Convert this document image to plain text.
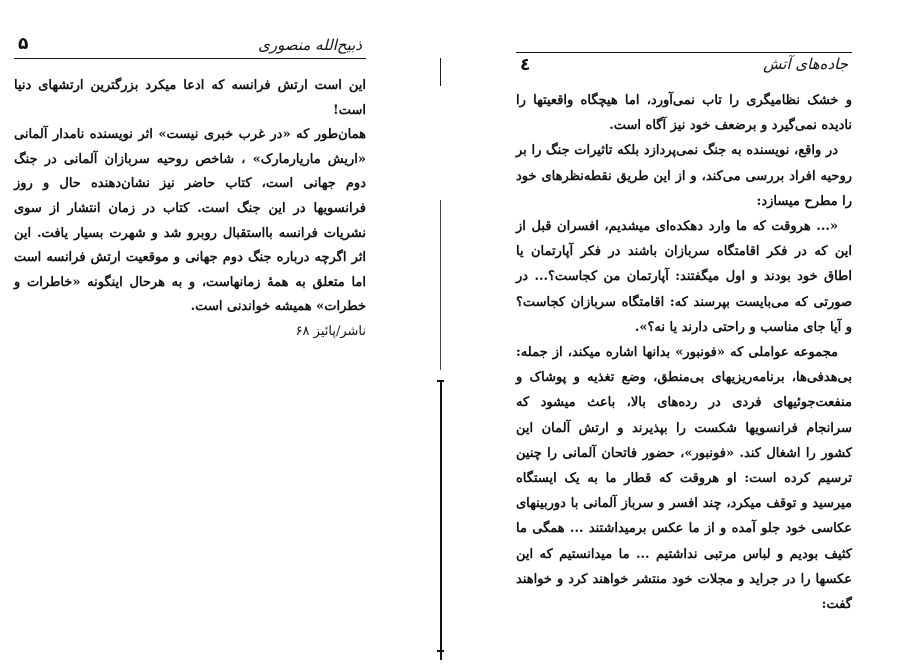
ذبیح‌الله منصوری
۵

این است ارتش فرانسه که ادعا میکرد بزرگترین ارتشهای دنیا است!

همان‌طور که «در غرب خبری نیست» اثر نویسنده نامدار آلمانی «اریش ماریارمارک» ، شاخص روحیه سربازان آلمانی در جنگ دوم جهانی است، کتاب حاضر نیز نشان‌دهنده حال و روز فرانسویها در این جنگ است. کتاب در زمان انتشار از سوی نشریات فرانسه بااستقبال روبرو شد و شهرت بسیار یافت. این اثر اگرچه درباره جنگ دوم جهانی و موقعیت ارتش فرانسه است اما متعلق به همهٔ زمانهاست، و به هرحال اینگونه «خاطرات و خطرات» همیشه خواندنی است.

ناشر/پائیز ۶۸

جاده‌های آتش
٤

و خشک نظامیگری را تاب نمی‌آورد، اما هیچگاه واقعیتها را نادیده نمی‌گیرد و برضعف خود نیز آگاه است.

در واقع، نویسنده به جنگ نمی‌پردازد بلکه تاثیرات جنگ را بر روحیه افراد بررسی می‌کند، و از این طریق نقطه‌نظرهای خود را مطرح میسازد:

«... هروقت که ما وارد دهکده‌ای میشدیم، افسران قبل از این که در فکر اقامتگاه سربازان باشند در فکر آپارتمان یا اطاق خود بودند و اول میگفتند: آپارتمان من کجاست؟... در صورتی که می‌بایست بپرسند که: اقامتگاه سربازان کجاست؟ و آیا جای مناسب و راحتی دارند یا نه؟».

مجموعه عواملی که «فونبور» بدانها اشاره میکند، از جمله: بی‌هدفی‌ها، برنامه‌ریزیهای بی‌منطق، وضع تغذیه و پوشاک و منفعت‌جوئیهای فردی در رده‌های بالا، باعث میشود که سرانجام فرانسویها شکست را بپذیرند و ارتش آلمان این کشور را اشغال کند. «فونبور»، حضور فاتحان آلمانی را چنین ترسیم کرده است: او هروقت که قطار ما به یک ایستگاه میرسید و توقف میکرد، چند افسر و سرباز آلمانی با دوربینهای عکاسی خود جلو آمده و از ما عکس برمیداشتند ... همگی ما کثیف بودیم و لباس مرتبی نداشتیم ... ما میدانستیم که این عکسها را در جراید و مجلات خود منتشر خواهند کرد و خواهند گفت:
